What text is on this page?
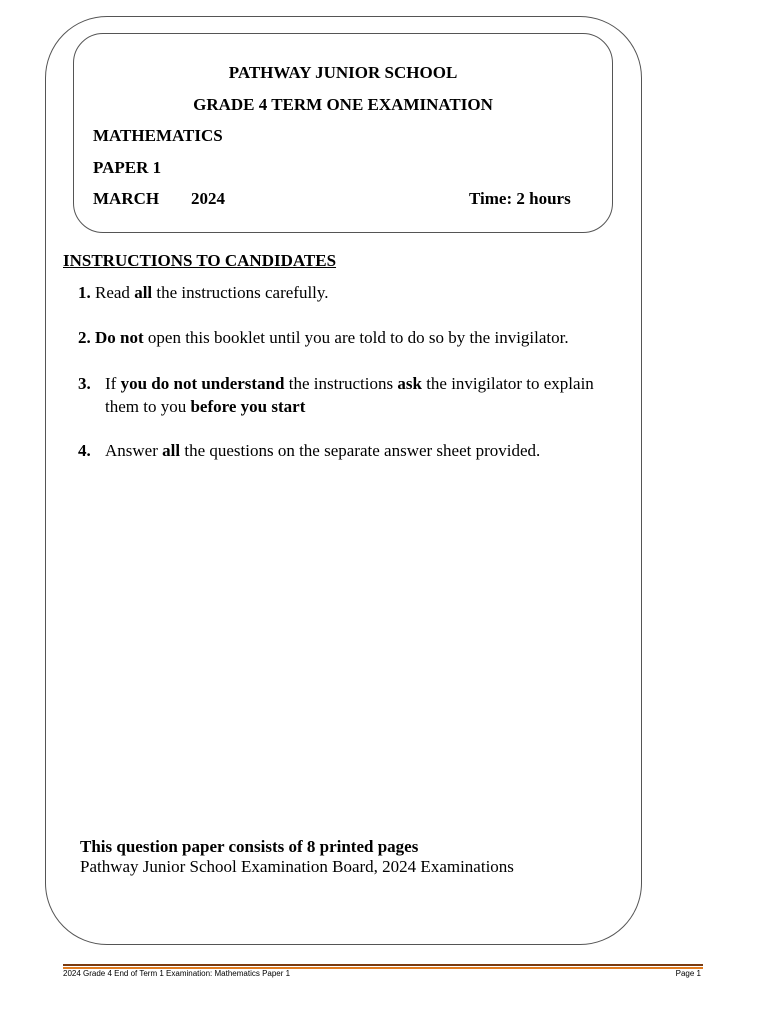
PATHWAY JUNIOR SCHOOL
GRADE 4 TERM ONE EXAMINATION
MATHEMATICS
PAPER 1
MARCH 2024	Time: 2 hours
INSTRUCTIONS TO CANDIDATES
1. Read all the instructions carefully.
2. Do not open this booklet until you are told to do so by the invigilator.
3. If you do not understand the instructions ask the invigilator to explain
them to you before you start
4. Answer all the questions on the separate answer sheet provided.
This question paper consists of 8 printed pages
Pathway Junior School Examination Board, 2024 Examinations
2024 Grade 4 End of Term 1 Examination: Mathematics Paper 1	Page 1
